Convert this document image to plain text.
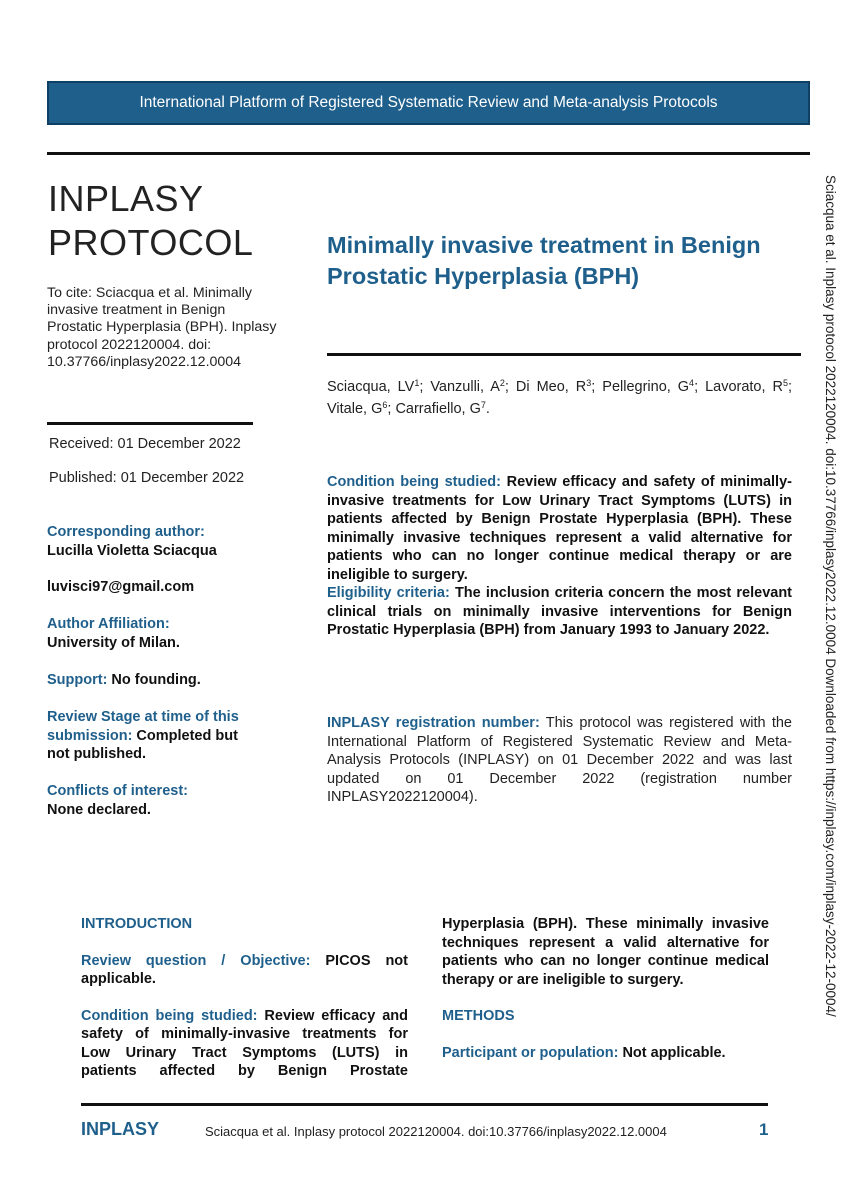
International Platform of Registered Systematic Review and Meta-analysis Protocols
INPLASY
PROTOCOL
To cite: Sciacqua et al. Minimally invasive treatment in Benign Prostatic Hyperplasia (BPH). Inplasy protocol 2022120004. doi: 10.37766/inplasy2022.12.0004
Received: 01 December 2022
Published: 01 December 2022
Corresponding author:
Lucilla Violetta Sciacqua
luvisci97@gmail.com
Author Affiliation:
University of Milan.
Support: No founding.
Review Stage at time of this submission: Completed but not published.
Conflicts of interest:
None declared.
Minimally invasive treatment in Benign Prostatic Hyperplasia (BPH)
Sciacqua, $LV^1$; Vanzulli, $A^2$; Di Meo, $R^3$; Pellegrino, $G^4$; Lavorato, $R^5$; Vitale, $G^6$; Carrafiello, $G^7$.
Condition being studied: Review efficacy and safety of minimally-invasive treatments for Low Urinary Tract Symptoms (LUTS) in patients affected by Benign Prostate Hyperplasia (BPH). These minimally invasive techniques represent a valid alternative for patients who can no longer continue medical therapy or are ineligible to surgery.
Eligibility criteria: The inclusion criteria concern the most relevant clinical trials on minimally invasive interventions for Benign Prostatic Hyperplasia (BPH) from January 1993 to January 2022.
INPLASY registration number: This protocol was registered with the International Platform of Registered Systematic Review and Meta-Analysis Protocols (INPLASY) on 01 December 2022 and was last updated on 01 December 2022 (registration number INPLASY2022120004).

INTRODUCTION

Review question / Objective: PICOS not applicable.

Condition being studied: Review efficacy and safety of minimally-invasive treatments for Low Urinary Tract Symptoms (LUTS) in patients affected by Benign Prostate

Hyperplasia (BPH). These minimally invasive techniques represent a valid alternative for patients who can no longer continue medical therapy or are ineligible to surgery.

METHODS

Participant or population: Not applicable.

Sciacqua et al. Inplasy protocol 2022120004. doi:10.37766/inplasy2022.12.0004 Downloaded from https://inplasy.com/inplasy-2022-12-0004/
INPLASY	Sciacqua et al. Inplasy protocol 2022120004. doi:10.37766/inplasy2022.12.0004	1
